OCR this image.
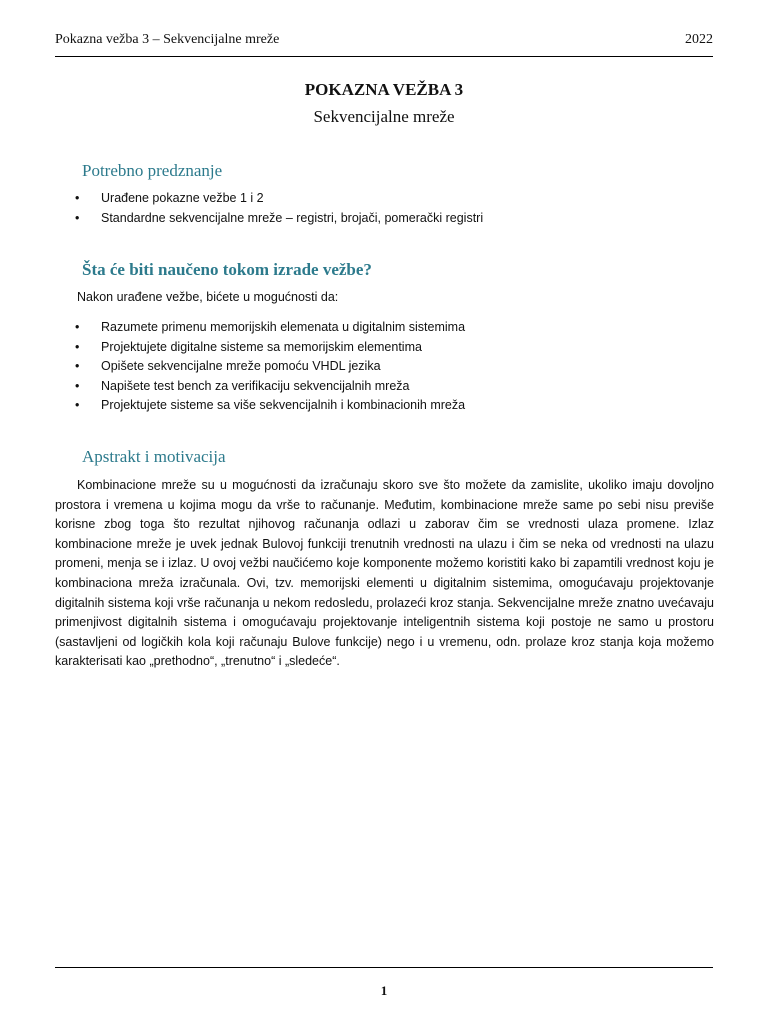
Pokazna vežba 3 – Sekvencijalne mreže	2022
POKAZNA VEŽBA 3
Sekvencijalne mreže
Potrebno predznanje
• Urađene pokazne vežbe 1 i 2
• Standardne sekvencijalne mreže – registri, brojači, pomerački registri
Šta će biti naučeno tokom izrade vežbe?
Nakon urađene vežbe, bićete u mogućnosti da:
• Razumete primenu memorijskih elemenata u digitalnim sistemima
• Projektujete digitalne sisteme sa memorijskim elementima
• Opišete sekvencijalne mreže pomoću VHDL jezika
• Napišete test bench za verifikaciju sekvencijalnih mreža
• Projektujete sisteme sa više sekvencijalnih i kombinacionih mreža
Apstrakt i motivacija

Kombinacione mreže su u mogućnosti da izračunaju skoro sve što možete da zamislite, ukoliko imaju dovoljno prostora i vremena u kojima mogu da vrše to računanje. Međutim, kombinacione mreže same po sebi nisu previše korisne zbog toga što rezultat njihovog računanja odlazi u zaborav čim se vrednosti ulaza promene. Izlaz kombinacione mreže je uvek jednak Bulovoj funkciji trenutnih vrednosti na ulazu i čim se neka od vrednosti na ulazu promeni, menja se i izlaz. U ovoj vežbi naučićemo koje komponente možemo koristiti kako bi zapamtili vrednost koju je kombinaciona mreža izračunala. Ovi, tzv. memorijski elementi u digitalnim sistemima, omogućavaju projektovanje digitalnih sistema koji vrše računanja u nekom redosledu, prolazeći kroz stanja. Sekvencijalne mreže znatno uvećavaju primenjivost digitalnih sistema i omogućavaju projektovanje inteligentnih sistema koji postoje ne samo u prostoru (sastavljeni od logičkih kola koji računaju Bulove funkcije) nego i u vremenu, odn. prolaze kroz stanja koja možemo karakterisati kao „prethodno“, „trenutno“ i „sledeće“.

1
